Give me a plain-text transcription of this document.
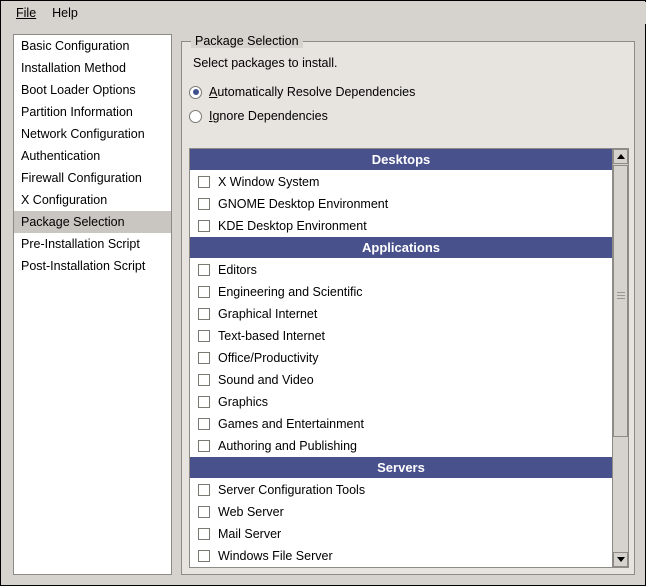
File	Help
Basic Configuration
Installation Method
Boot Loader Options
Partition Information
Network Configuration
Authentication
Firewall Configuration
X Configuration
Package Selection
Pre-Installation Script
Post-Installation Script
Package Selection
Select packages to install.
Automatically Resolve Dependencies
Ignore Dependencies
Desktops
X Window System
GNOME Desktop Environment
KDE Desktop Environment
Applications
Editors
Engineering and Scientific
Graphical Internet
Text-based Internet
Office/Productivity
Sound and Video
Graphics
Games and Entertainment
Authoring and Publishing
Servers
Server Configuration Tools
Web Server
Mail Server
Windows File Server
